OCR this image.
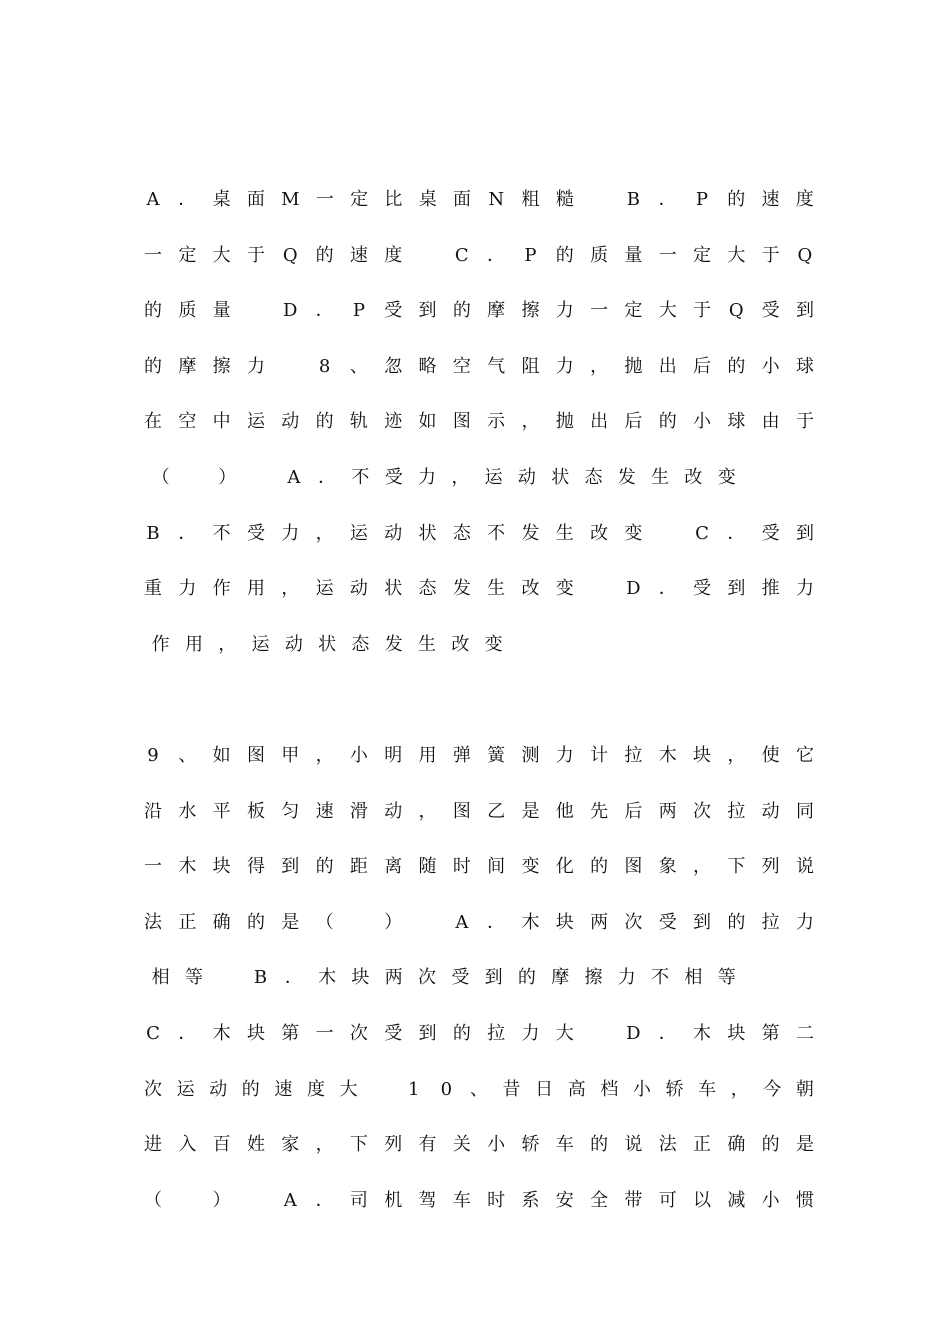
A ． 桌 面 M 一 定 比 桌 面 N 粗 糙
	B ． P 的 速 度
一 定 大 于 Q 的 速 度
	C ． P 的 质 量 一 定 大 于 Q
的 质 量
	D ． P 受 到 的 摩 擦 力 一 定 大 于 Q 受 到
的 摩 擦 力
	8 、 忽 略 空 气 阻 力 ， 抛 出 后 的 小 球
在 空 中 运 动 的 轨 迹 如 图 示 ， 抛 出 后 的 小 球 由 于
（
	）
	A ． 不 受 力 ， 运 动 状 态 发 生 改 变
B ． 不 受 力 ， 运 动 状 态 不 发 生 改 变
	C ． 受 到
重 力 作 用 ， 运 动 状 态 发 生 改 变
	D ． 受 到 推 力
作 用 ， 运 动 状 态 发 生 改 变
9 、 如 图 甲 ， 小 明 用 弹 簧 测 力 计 拉 木 块 ， 使 它
沿 水 平 板 匀 速 滑 动 ， 图 乙 是 他 先 后 两 次 拉 动 同
一 木 块 得 到 的 距 离 随 时 间 变 化 的 图 象 ， 下 列 说
法 正 确 的 是 （
	）
	A ． 木 块 两 次 受 到 的 拉 力
相 等
	B ． 木 块 两 次 受 到 的 摩 擦 力 不 相 等
C ． 木 块 第 一 次 受 到 的 拉 力 大
	D ． 木 块 第 二
次 运 动 的 速 度 大
	1 0 、 昔 日 高 档 小 轿 车 ， 今 朝
进 入 百 姓 家 ， 下 列 有 关 小 轿 车 的 说 法 正 确 的 是
（
	）
	A ． 司 机 驾 车 时 系 安 全 带 可 以 减 小 惯
